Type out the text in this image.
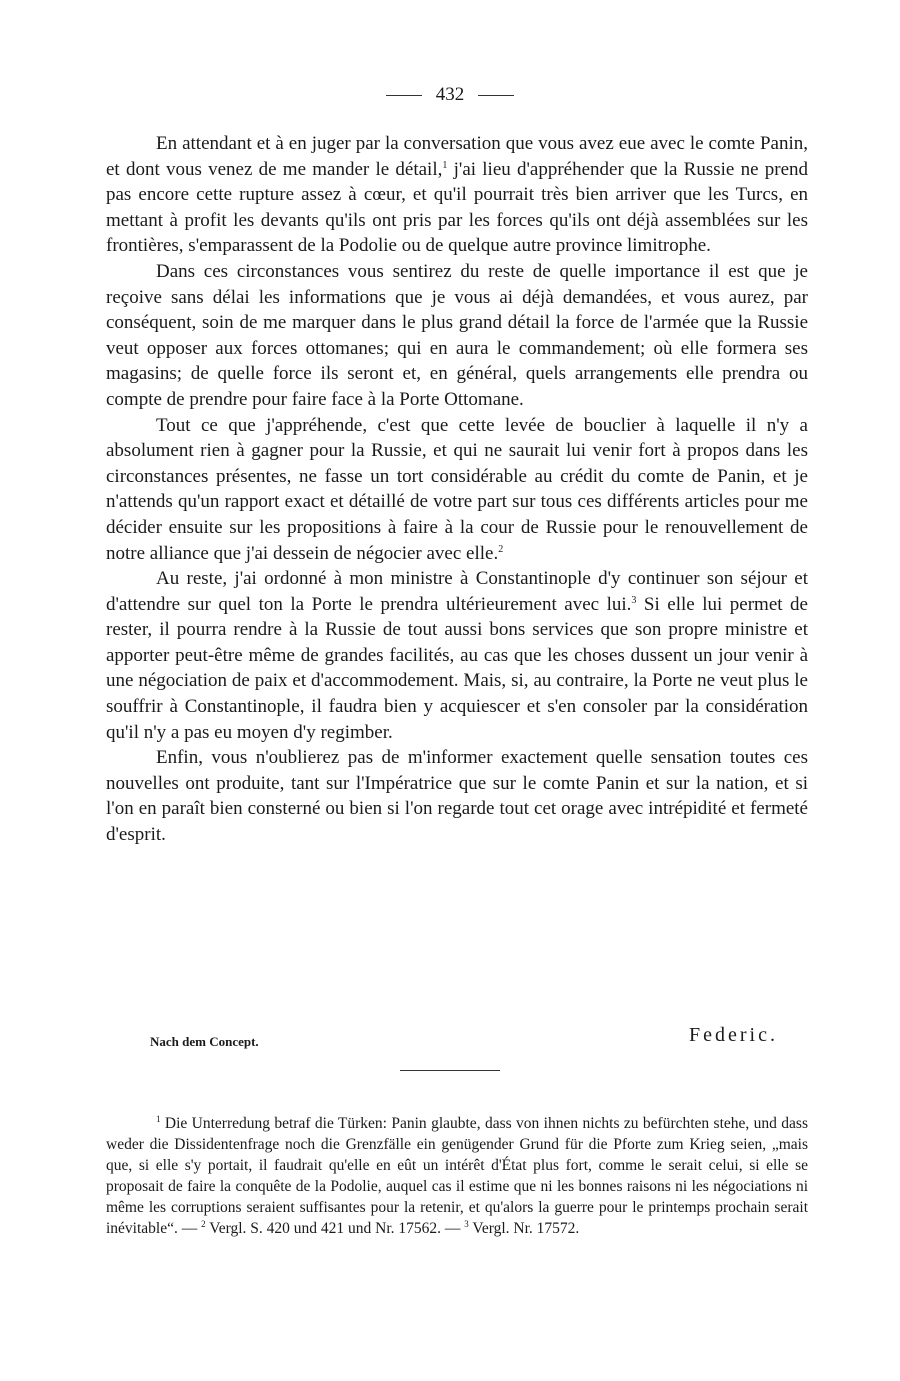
432

En attendant et à en juger par la conversation que vous avez eue avec le comte Panin, et dont vous venez de me mander le détail,$^1$ j'ai lieu d'appréhender que la Russie ne prend pas encore cette rupture assez à cœur, et qu'il pourrait très bien arriver que les Turcs, en mettant à profit les devants qu'ils ont pris par les forces qu'ils ont déjà assemblées sur les frontières, s'emparassent de la Podolie ou de quelque autre province limitrophe.

Dans ces circonstances vous sentirez du reste de quelle importance il est que je reçoive sans délai les informations que je vous ai déjà demandées, et vous aurez, par conséquent, soin de me marquer dans le plus grand détail la force de l'armée que la Russie veut opposer aux forces ottomanes; qui en aura le commandement; où elle formera ses magasins; de quelle force ils seront et, en général, quels arrangements elle prendra ou compte de prendre pour faire face à la Porte Ottomane.

Tout ce que j'appréhende, c'est que cette levée de bouclier à laquelle il n'y a absolument rien à gagner pour la Russie, et qui ne saurait lui venir fort à propos dans les circonstances présentes, ne fasse un tort considérable au crédit du comte de Panin, et je n'attends qu'un rapport exact et détaillé de votre part sur tous ces différents articles pour me décider ensuite sur les propositions à faire à la cour de Russie pour le renouvellement de notre alliance que j'ai dessein de négocier avec elle.$^2$

Au reste, j'ai ordonné à mon ministre à Constantinople d'y continuer son séjour et d'attendre sur quel ton la Porte le prendra ultérieurement avec lui.$^3$ Si elle lui permet de rester, il pourra rendre à la Russie de tout aussi bons services que son propre ministre et apporter peut-être même de grandes facilités, au cas que les choses dussent un jour venir à une négociation de paix et d'accommodement. Mais, si, au contraire, la Porte ne veut plus le souffrir à Constantinople, il faudra bien y acquiescer et s'en consoler par la considération qu'il n'y a pas eu moyen d'y regimber.

Enfin, vous n'oublierez pas de m'informer exactement quelle sensation toutes ces nouvelles ont produite, tant sur l'Impératrice que sur le comte Panin et sur la nation, et si l'on en paraît bien consterné ou bien si l'on regarde tout cet orage avec intrépidité et fermeté d'esprit.

Nach dem Concept.	Federic.

$^1$ Die Unterredung betraf die Türken: Panin glaubte, dass von ihnen nichts zu befürchten stehe, und dass weder die Dissidentenfrage noch die Grenzfälle ein genügender Grund für die Pforte zum Krieg seien, „mais que, si elle s'y portait, il faudrait qu'elle en eût un intérêt d'État plus fort, comme le serait celui, si elle se proposait de faire la conquête de la Podolie, auquel cas il estime que ni les bonnes raisons ni les négociations ni même les corruptions seraient suffisantes pour la retenir, et qu'alors la guerre pour le printemps prochain serait inévitable“. — $^2$ Vergl. S. 420 und 421 und Nr. 17562. — $^3$ Vergl. Nr. 17572.
